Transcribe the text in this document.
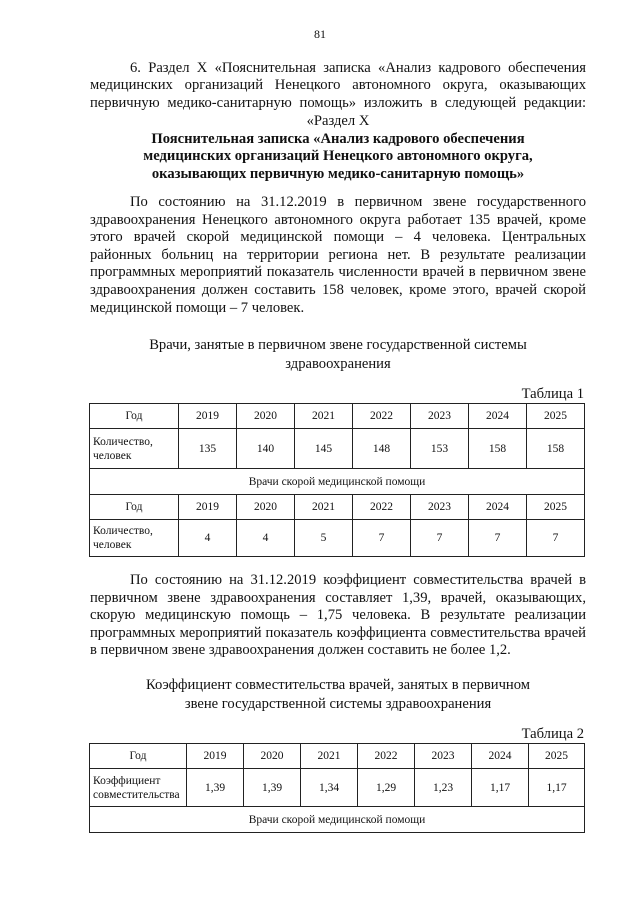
81
6. Раздел X «Пояснительная записка «Анализ кадрового обеспечения
медицинских организаций Ненецкого автономного округа, оказывающих
первичную медико-санитарную помощь» изложить в следующей редакции:
«Раздел X
Пояснительная записка «Анализ кадрового обеспечения
медицинских организаций Ненецкого автономного округа,
оказывающих первичную медико-санитарную помощь»
По состоянию на 31.12.2019 в первичном звене государственного здравоохранения Ненецкого автономного округа работает 135 врачей, кроме этого врачей скорой медицинской помощи – 4 человека. Центральных районных больниц на территории региона нет. В результате реализации программных мероприятий показатель численности врачей в первичном звене здравоохранения должен составить 158 человек, кроме этого, врачей скорой медицинской помощи – 7 человек.
Врачи, занятые в первичном звене государственной системы
здравоохранения
Таблица 1
Год	2019	2020	2021	2022	2023	2024	2025
Количество, человек	135	140	145	148	153	158	158
Врачи скорой медицинской помощи							
Год	2019	2020	2021	2022	2023	2024	2025
Количество, человек	4	4	5	7	7	7	7
По состоянию на 31.12.2019 коэффициент совместительства врачей в первичном звене здравоохранения составляет 1,39, врачей, оказывающих, скорую медицинскую помощь – 1,75 человека. В результате реализации программных мероприятий показатель коэффициента совместительства врачей в первичном звене здравоохранения должен составить не более 1,2.
Коэффициент совместительства врачей, занятых в первичном
звене государственной системы здравоохранения
Таблица 2
Год	2019	2020	2021	2022	2023	2024	2025
Коэффициент совместительства	1,39	1,39	1,34	1,29	1,23	1,17	1,17
Врачи скорой медицинской помощи							
